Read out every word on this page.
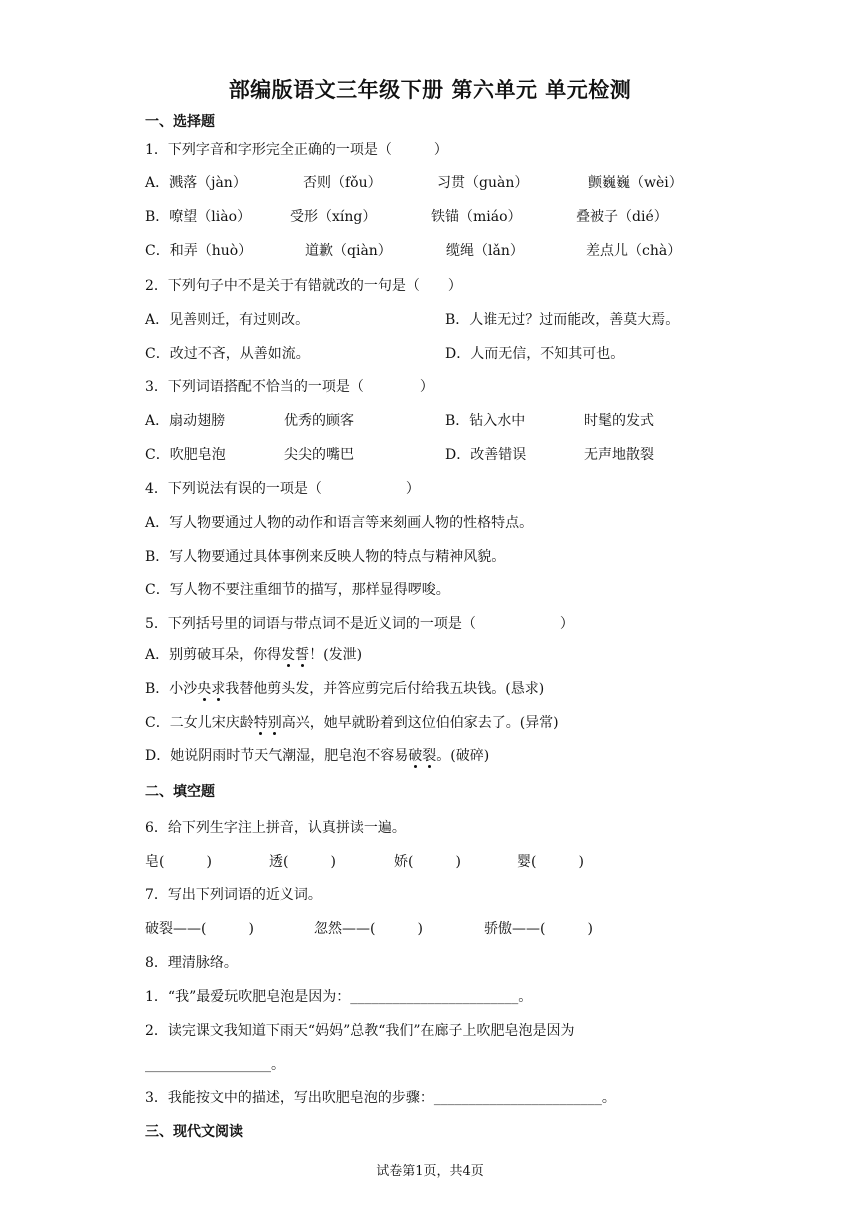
部编版语文三年级下册 第六单元 单元检测
一、选择题
1．下列字音和字形完全正确的一项是（　　　）
A．溅落（jàn）	否则（fǒu）	习贯（guàn）	颤巍巍（wèi）
B．嘹望（liào）	受形（xíng）	铁锚（miáo）	叠被子（dié）
C．和弄（huò）	道歉（qiàn）	缆绳（lǎn）	差点儿（chà）
2．下列句子中不是关于有错就改的一句是（　　）
A．见善则迁，有过则改。	B．人谁无过？过而能改，善莫大焉。
C．改过不吝，从善如流。	D．人而无信，不知其可也。
3．下列词语搭配不恰当的一项是（　　　　）
A．扇动翅膀	优秀的顾客	B．钻入水中	时髦的发式
C．吹肥皂泡	尖尖的嘴巴	D．改善错误	无声地散裂
4．下列说法有误的一项是（　　　　　　）
A．写人物要通过人物的动作和语言等来刻画人物的性格特点。
B．写人物要通过具体事例来反映人物的特点与精神风貌。
C．写人物不要注重细节的描写，那样显得啰唆。
5．下列括号里的词语与带点词不是近义词的一项是（　　　　　　）
A．别剪破耳朵，你得发誓！(发泄)
B．小沙央求我替他剪头发，并答应剪完后付给我五块钱。(恳求)
C．二女儿宋庆龄特别高兴，她早就盼着到这位伯伯家去了。(异常)
D．她说阴雨时节天气潮湿，肥皂泡不容易破裂。(破碎)
二、填空题
6．给下列生字注上拼音，认真拼读一遍。
皂(　　　)	透(　　　)	娇(　　　)	婴(　　　)
7．写出下列词语的近义词。
破裂——(　　　)	忽然——(　　　)	骄傲——(　　　)
8．理清脉络。
1．“我”最爱玩吹肥皂泡是因为：________________________。
2．读完课文我知道下雨天“妈妈”总教“我们”在廊子上吹肥皂泡是因为
__________________。
3．我能按文中的描述，写出吹肥皂泡的步骤：________________________。
三、现代文阅读
试卷第1页，共4页
